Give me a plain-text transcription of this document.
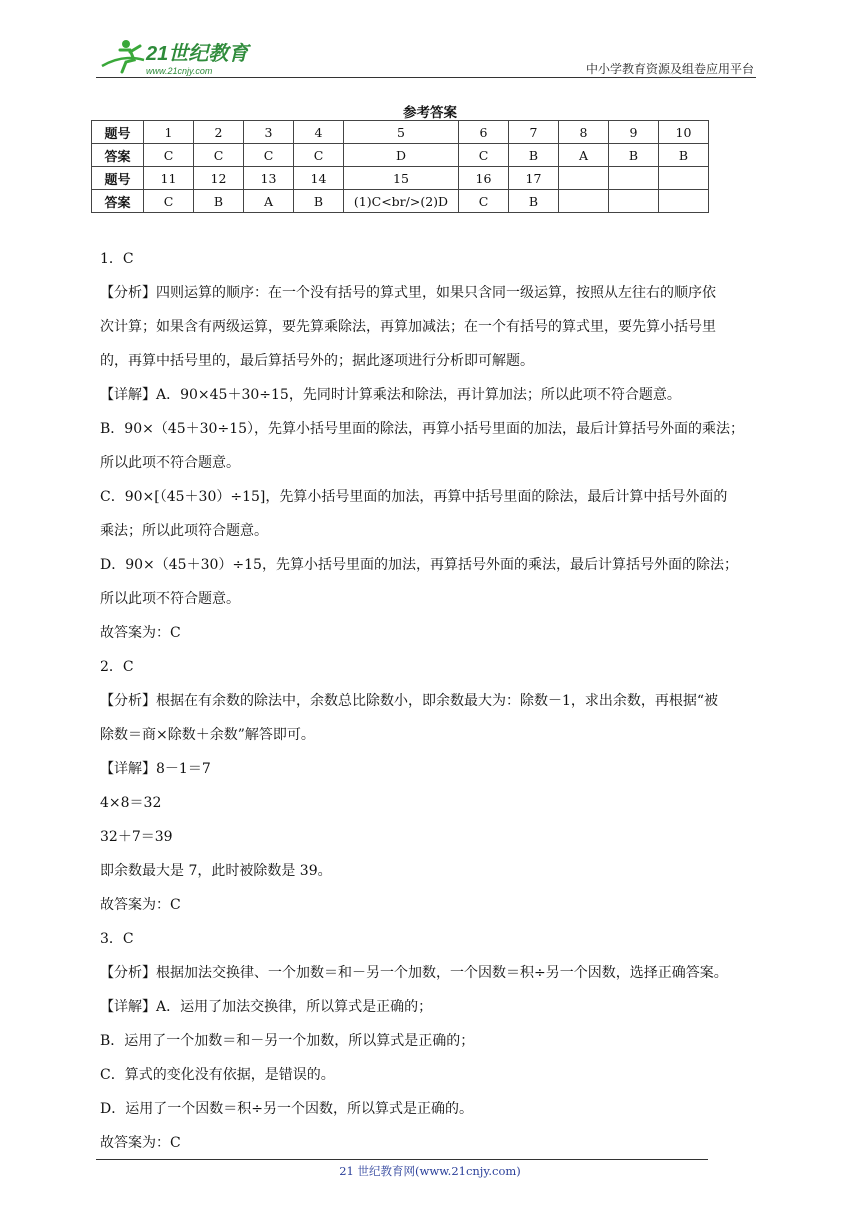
21世纪教育
www.21cnjy.com	中小学教育资源及组卷应用平台
参考答案
题号	1	2	3	4	5	6	7	8	9	10
答案	C	C	C	C	D	C	B	A	B	B
题号	11	12	13	14	15	16	17			
答案	C	B	A	B	(1)C<br/>(2)D	C	B			

1．C

【分析】四则运算的顺序：在一个没有括号的算式里，如果只含同一级运算，按照从左往右的顺序依

次计算；如果含有两级运算，要先算乘除法，再算加减法；在一个有括号的算式里，要先算小括号里

的，再算中括号里的，最后算括号外的；据此逐项进行分析即可解题。

【详解】A．90×45＋30÷15，先同时计算乘法和除法，再计算加法；所以此项不符合题意。

B．90×（45＋30÷15），先算小括号里面的除法，再算小括号里面的加法，最后计算括号外面的乘法；

所以此项不符合题意。

C．90×[（45＋30）÷15]，先算小括号里面的加法，再算中括号里面的除法，最后计算中括号外面的

乘法；所以此项符合题意。

D．90×（45＋30）÷15，先算小括号里面的加法，再算括号外面的乘法，最后计算括号外面的除法；

所以此项不符合题意。

故答案为：C

2．C

【分析】根据在有余数的除法中，余数总比除数小，即余数最大为：除数－1，求出余数，再根据“被

除数＝商×除数＋余数”解答即可。

【详解】8－1＝7

4×8＝32

32＋7＝39

即余数最大是 7，此时被除数是 39。

故答案为：C

3．C

【分析】根据加法交换律、一个加数＝和－另一个加数，一个因数＝积÷另一个因数，选择正确答案。

【详解】A．运用了加法交换律，所以算式是正确的；

B．运用了一个加数＝和－另一个加数，所以算式是正确的；

C．算式的变化没有依据，是错误的。

D．运用了一个因数＝积÷另一个因数，所以算式是正确的。

故答案为：C

21 世纪教育网(www.21cnjy.com)
